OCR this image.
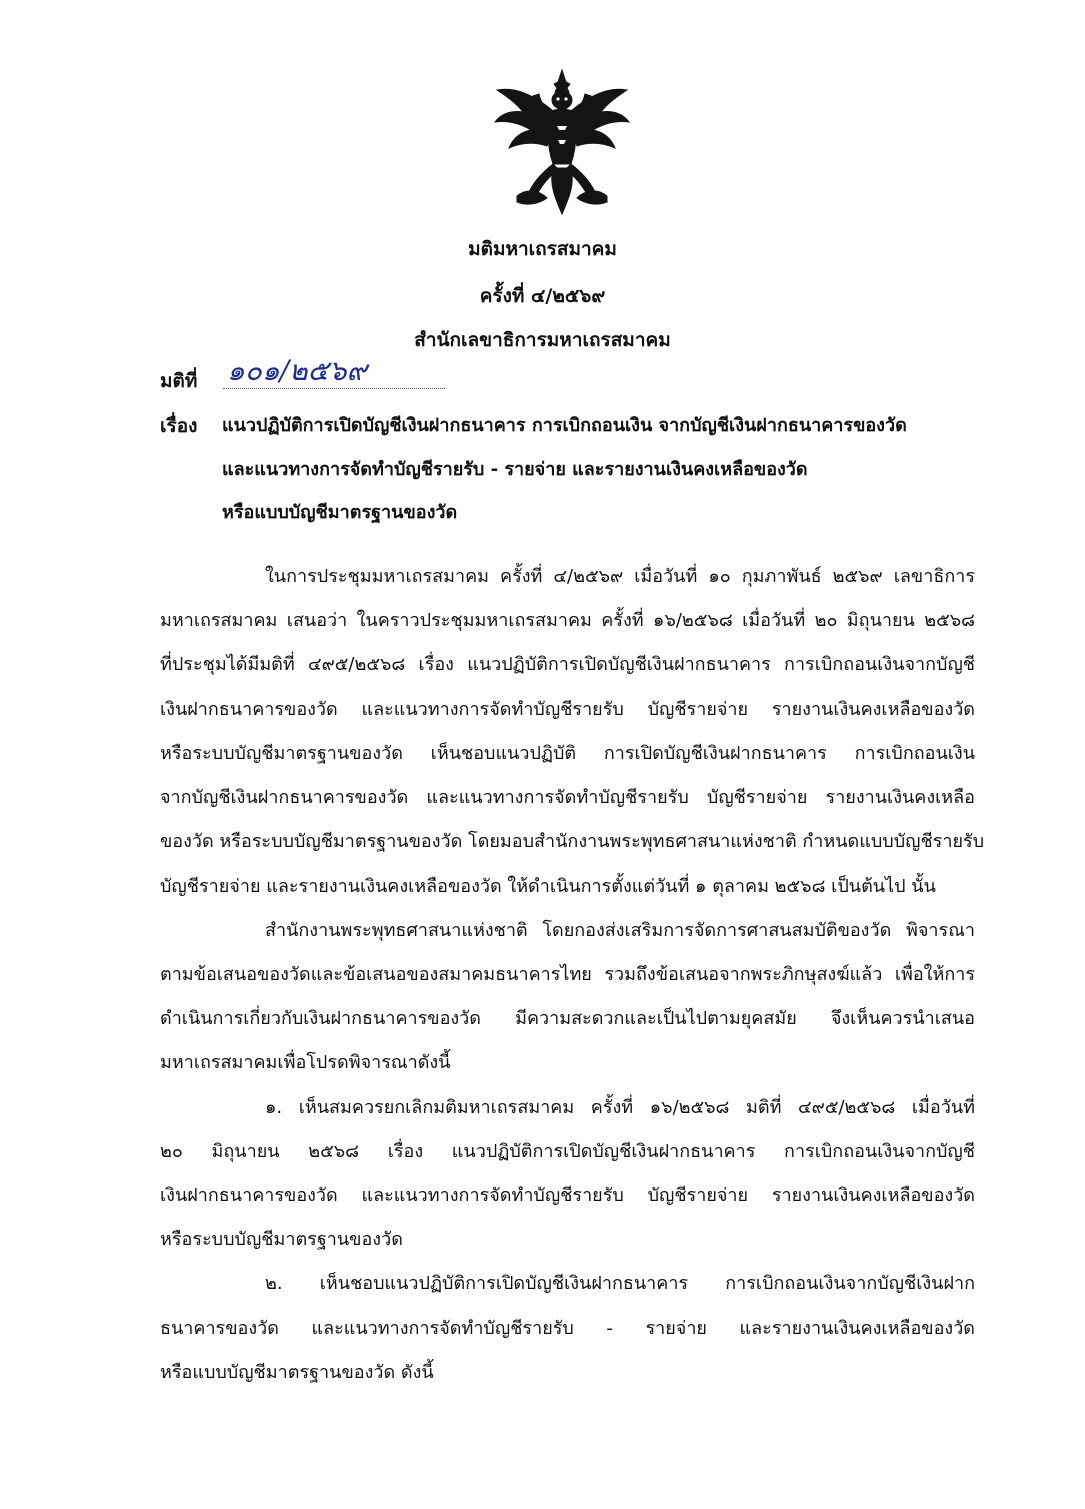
มติมหาเถรสมาคม
ครั้งที่ ๔/๒๕๖๙
สำนักเลขาธิการมหาเถรสมาคม
มติที่ ๑๐๑/๒๕๖๙
เรื่อง แนวปฏิบัติการเปิดบัญชีเงินฝากธนาคาร การเบิกถอนเงิน จากบัญชีเงินฝากธนาคารของวัด
และแนวทางการจัดทำบัญชีรายรับ - รายจ่าย และรายงานเงินคงเหลือของวัด
หรือแบบบัญชีมาตรฐานของวัด
ในการประชุมมหาเถรสมาคม ครั้งที่ ๔/๒๕๖๙ เมื่อวันที่ ๑๐ กุมภาพันธ์ ๒๕๖๙ เลขาธิการ
มหาเถรสมาคม เสนอว่า ในคราวประชุมมหาเถรสมาคม ครั้งที่ ๑๖/๒๕๖๘ เมื่อวันที่ ๒๐ มิถุนายน ๒๕๖๘
ที่ประชุมได้มีมติที่ ๔๙๕/๒๕๖๘ เรื่อง แนวปฏิบัติการเปิดบัญชีเงินฝากธนาคาร การเบิกถอนเงินจากบัญชี
เงินฝากธนาคารของวัด และแนวทางการจัดทำบัญชีรายรับ บัญชีรายจ่าย รายงานเงินคงเหลือของวัด
หรือระบบบัญชีมาตรฐานของวัด เห็นชอบแนวปฏิบัติ การเปิดบัญชีเงินฝากธนาคาร การเบิกถอนเงิน
จากบัญชีเงินฝากธนาคารของวัด และแนวทางการจัดทำบัญชีรายรับ บัญชีรายจ่าย รายงานเงินคงเหลือ
ของวัด หรือระบบบัญชีมาตรฐานของวัด โดยมอบสำนักงานพระพุทธศาสนาแห่งชาติ กำหนดแบบบัญชีรายรับ
บัญชีรายจ่าย และรายงานเงินคงเหลือของวัด ให้ดำเนินการตั้งแต่วันที่ ๑ ตุลาคม ๒๕๖๘ เป็นต้นไป นั้น
สำนักงานพระพุทธศาสนาแห่งชาติ โดยกองส่งเสริมการจัดการศาสนสมบัติของวัด พิจารณา
ตามข้อเสนอของวัดและข้อเสนอของสมาคมธนาคารไทย รวมถึงข้อเสนอจากพระภิกษุสงฆ์แล้ว เพื่อให้การ
ดำเนินการเกี่ยวกับเงินฝากธนาคารของวัด มีความสะดวกและเป็นไปตามยุคสมัย จึงเห็นควรนำเสนอ
มหาเถรสมาคมเพื่อโปรดพิจารณาดังนี้
๑. เห็นสมควรยกเลิกมติมหาเถรสมาคม ครั้งที่ ๑๖/๒๕๖๘ มติที่ ๔๙๕/๒๕๖๘ เมื่อวันที่
๒๐ มิถุนายน ๒๕๖๘ เรื่อง แนวปฏิบัติการเปิดบัญชีเงินฝากธนาคาร การเบิกถอนเงินจากบัญชี
เงินฝากธนาคารของวัด และแนวทางการจัดทำบัญชีรายรับ บัญชีรายจ่าย รายงานเงินคงเหลือของวัด
หรือระบบบัญชีมาตรฐานของวัด
๒. เห็นชอบแนวปฏิบัติการเปิดบัญชีเงินฝากธนาคาร การเบิกถอนเงินจากบัญชีเงินฝาก
ธนาคารของวัด และแนวทางการจัดทำบัญชีรายรับ - รายจ่าย และรายงานเงินคงเหลือของวัด
หรือแบบบัญชีมาตรฐานของวัด ดังนี้
